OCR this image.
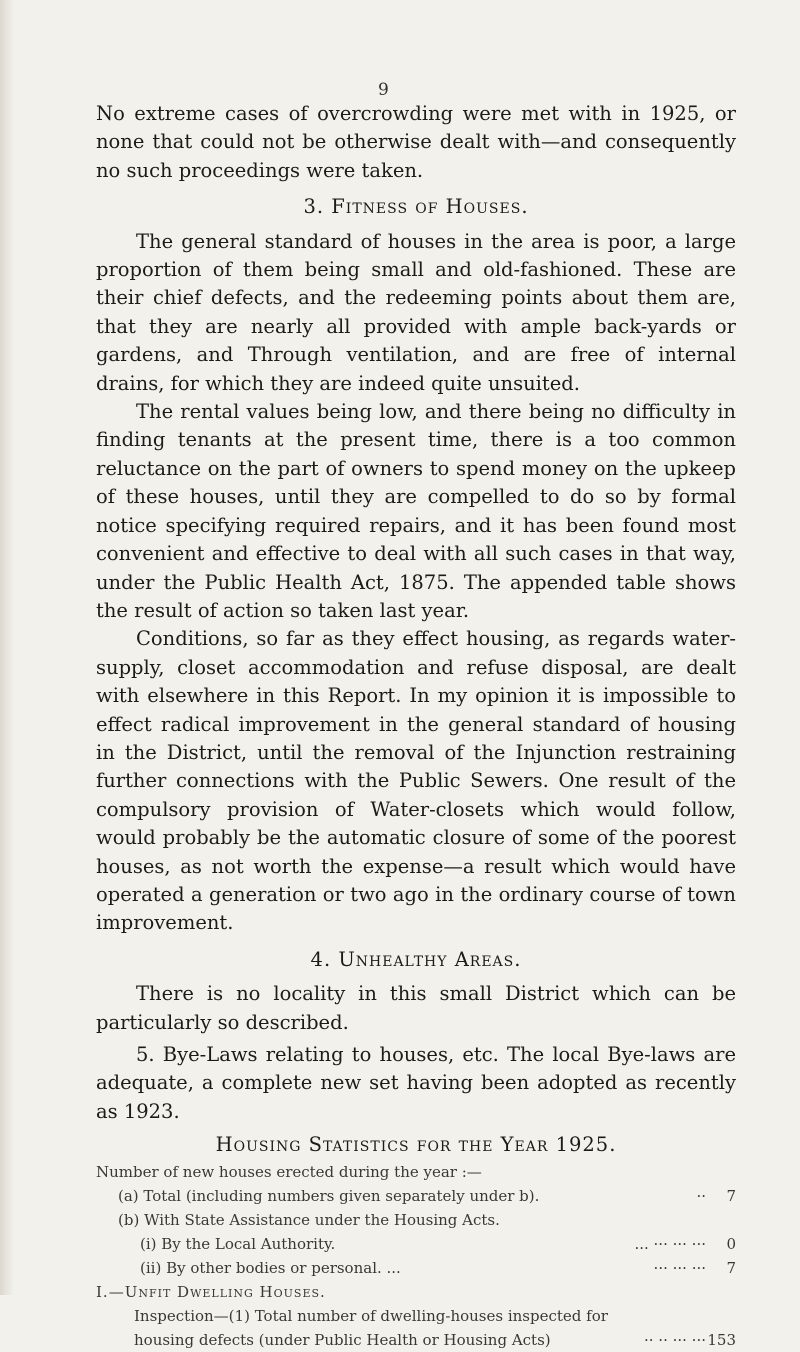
9

No extreme cases of overcrowding were met with in 1925, or none that could not be otherwise dealt with—and consequently no such proceedings were taken.

3. Fitness of Houses.

The general standard of houses in the area is poor, a large proportion of them being small and old-fashioned. These are their chief defects, and the redeeming points about them are, that they are nearly all provided with ample back-yards or gardens, and Through ventilation, and are free of internal drains, for which they are indeed quite unsuited.

The rental values being low, and there being no difficulty in finding tenants at the present time, there is a too common reluctance on the part of owners to spend money on the upkeep of these houses, until they are compelled to do so by formal notice specifying required repairs, and it has been found most convenient and effective to deal with all such cases in that way, under the Public Health Act, 1875. The appended table shows the result of action so taken last year.

Conditions, so far as they effect housing, as regards water-supply, closet accommodation and refuse disposal, are dealt with elsewhere in this Report. In my opinion it is impossible to effect radical improvement in the general standard of housing in the District, until the removal of the Injunction restraining further connections with the Public Sewers. One result of the compulsory provision of Water-closets which would follow, would probably be the automatic closure of some of the poorest houses, as not worth the expense—a result which would have operated a generation or two ago in the ordinary course of town improvement.

4. Unhealthy Areas.

There is no locality in this small District which can be particularly so described.

5. Bye-Laws relating to houses, etc. The local Bye-laws are adequate, a complete new set having been adopted as recently as 1923.

Housing Statistics for the Year 1925.
Number of new houses erected during the year :—
(a) Total (including numbers given separately under b).	··	7
(b) With State Assistance under the Housing Acts.
(i) By the Local Authority.	... ··· ··· ···	0
(ii) By other bodies or personal. ...	··· ··· ···	7
I.—Unfit Dwelling Houses.
Inspection—(1) Total number of dwelling-houses inspected for housing defects (under Public Health or Housing Acts)	·· ·· ··· ··· 153
